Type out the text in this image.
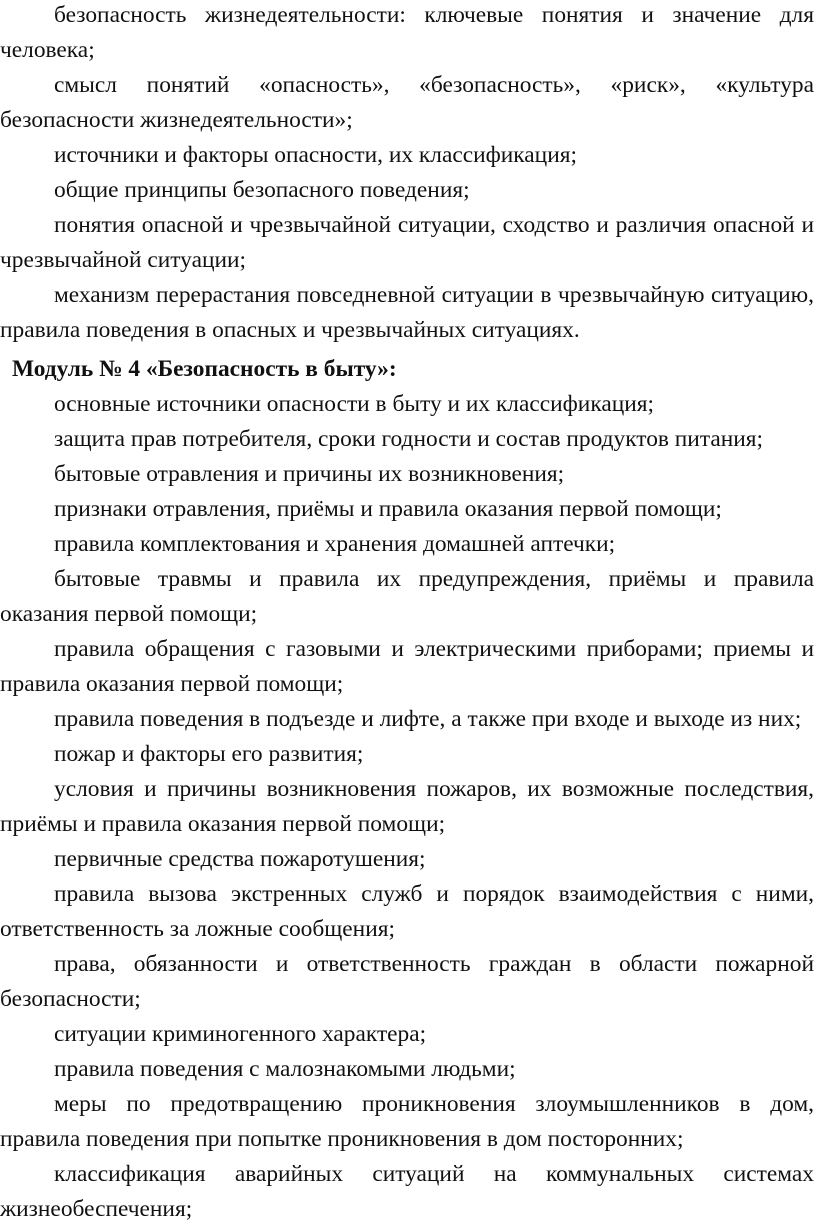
безопасность жизнедеятельности: ключевые понятия и значение для человека;

смысл понятий «опасность», «безопасность», «риск», «культура безопасности жизнедеятельности»;

источники и факторы опасности, их классификация;

общие принципы безопасного поведения;

понятия опасной и чрезвычайной ситуации, сходство и различия опасной и чрезвычайной ситуации;

механизм перерастания повседневной ситуации в чрезвычайную ситуацию, правила поведения в опасных и чрезвычайных ситуациях.

Модуль № 4 «Безопасность в быту»:

основные источники опасности в быту и их классификация;

защита прав потребителя, сроки годности и состав продуктов питания;

бытовые отравления и причины их возникновения;

признаки отравления, приёмы и правила оказания первой помощи;

правила комплектования и хранения домашней аптечки;

бытовые травмы и правила их предупреждения, приёмы и правила оказания первой помощи;

правила обращения с газовыми и электрическими приборами; приемы и правила оказания первой помощи;

правила поведения в подъезде и лифте, а также при входе и выходе из них;

пожар и факторы его развития;

условия и причины возникновения пожаров, их возможные последствия, приёмы и правила оказания первой помощи;

первичные средства пожаротушения;

правила вызова экстренных служб и порядок взаимодействия с ними, ответственность за ложные сообщения;

права, обязанности и ответственность граждан в области пожарной безопасности;

ситуации криминогенного характера;

правила поведения с малознакомыми людьми;

меры по предотвращению проникновения злоумышленников в дом, правила поведения при попытке проникновения в дом посторонних;

классификация аварийных ситуаций на коммунальных системах жизнеобеспечения;
